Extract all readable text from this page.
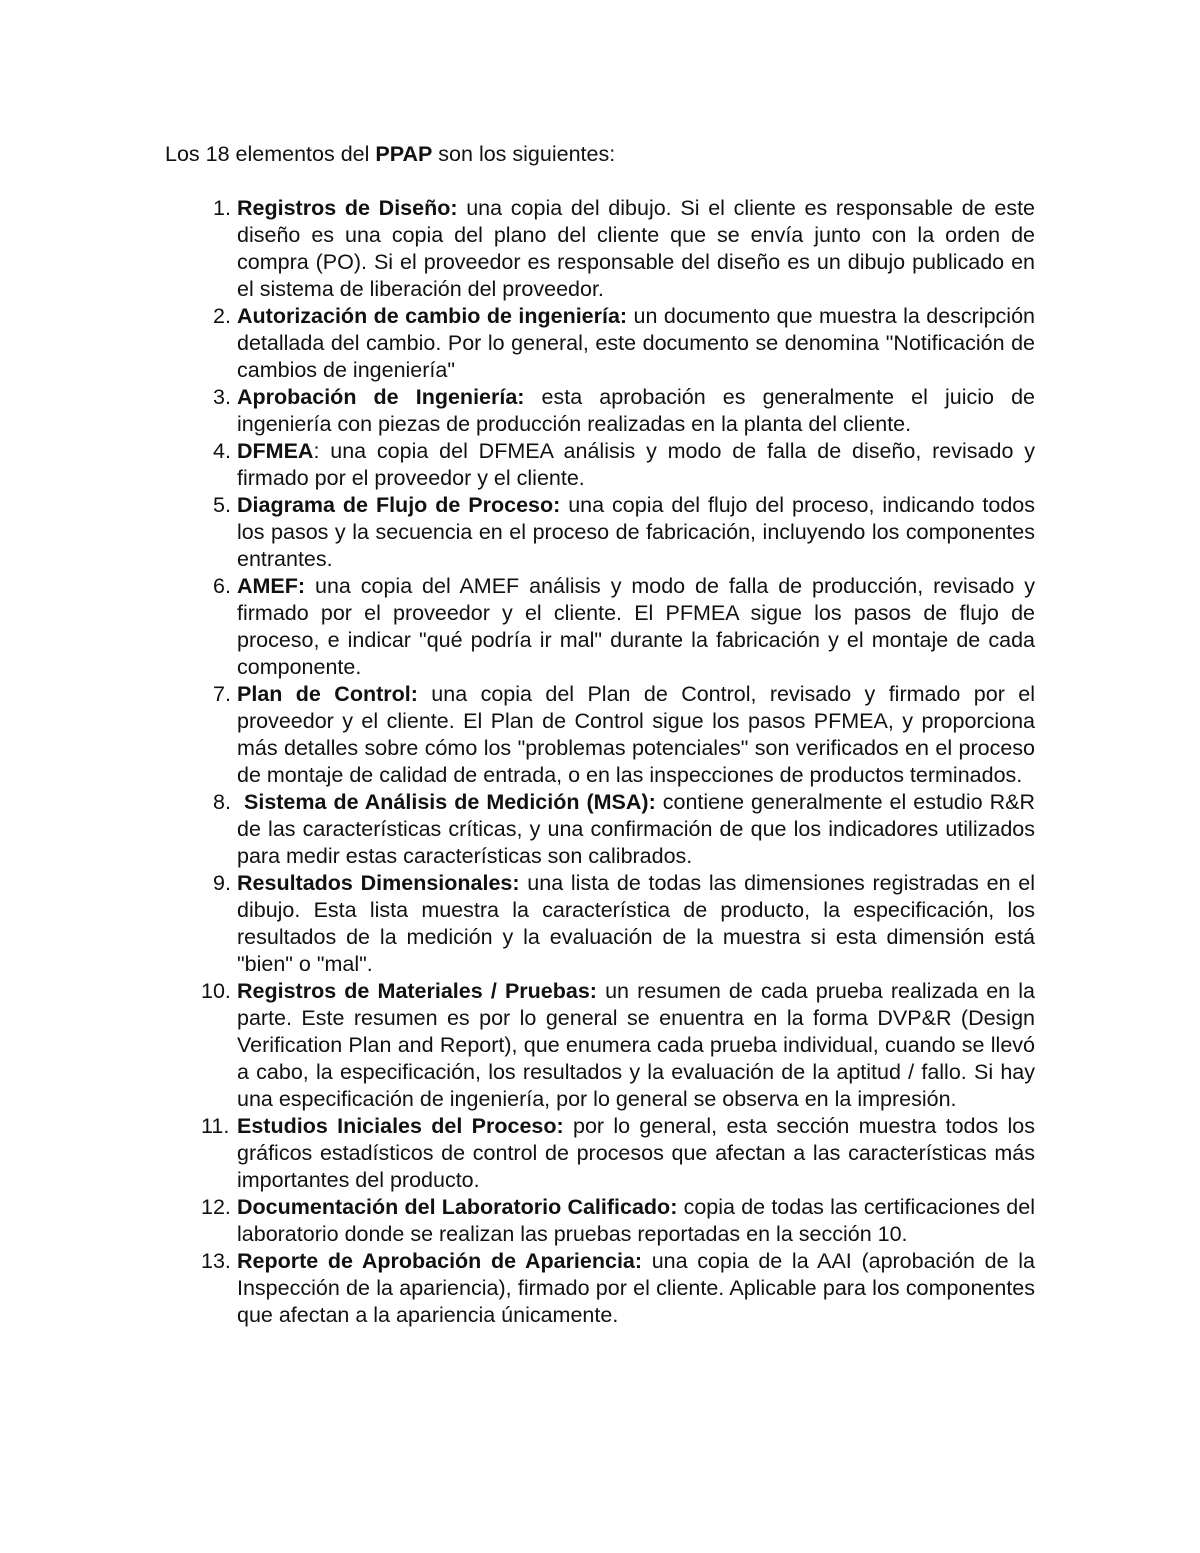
Los 18 elementos del PPAP son los siguientes:

1. Registros de Diseño: una copia del dibujo. Si el cliente es responsable de este diseño es una copia del plano del cliente que se envía junto con la orden de compra (PO). Si el proveedor es responsable del diseño es un dibujo publicado en el sistema de liberación del proveedor.
2. Autorización de cambio de ingeniería: un documento que muestra la descripción detallada del cambio. Por lo general, este documento se denomina "Notificación de cambios de ingeniería"
3. Aprobación de Ingeniería: esta aprobación es generalmente el juicio de ingeniería con piezas de producción realizadas en la planta del cliente.
4. DFMEA: una copia del DFMEA análisis y modo de falla de diseño, revisado y firmado por el proveedor y el cliente.
5. Diagrama de Flujo de Proceso: una copia del flujo del proceso, indicando todos los pasos y la secuencia en el proceso de fabricación, incluyendo los componentes entrantes.
6. AMEF: una copia del AMEF análisis y modo de falla de producción, revisado y firmado por el proveedor y el cliente. El PFMEA sigue los pasos de flujo de proceso, e indicar "qué podría ir mal" durante la fabricación y el montaje de cada componente.
7. Plan de Control: una copia del Plan de Control, revisado y firmado por el proveedor y el cliente. El Plan de Control sigue los pasos PFMEA, y proporciona más detalles sobre cómo los "problemas potenciales" son verificados en el proceso de montaje de calidad de entrada, o en las inspecciones de productos terminados.
8. Sistema de Análisis de Medición (MSA): contiene generalmente el estudio R&R de las características críticas, y una confirmación de que los indicadores utilizados para medir estas características son calibrados.
9. Resultados Dimensionales: una lista de todas las dimensiones registradas en el dibujo. Esta lista muestra la característica de producto, la especificación, los resultados de la medición y la evaluación de la muestra si esta dimensión está "bien" o "mal".
10. Registros de Materiales / Pruebas: un resumen de cada prueba realizada en la parte. Este resumen es por lo general se enuentra en la forma DVP&R (Design Verification Plan and Report), que enumera cada prueba individual, cuando se llevó a cabo, la especificación, los resultados y la evaluación de la aptitud / fallo. Si hay una especificación de ingeniería, por lo general se observa en la impresión.
11. Estudios Iniciales del Proceso: por lo general, esta sección muestra todos los gráficos estadísticos de control de procesos que afectan a las características más importantes del producto.
12. Documentación del Laboratorio Calificado: copia de todas las certificaciones del laboratorio donde se realizan las pruebas reportadas en la sección 10.
13. Reporte de Aprobación de Apariencia: una copia de la AAI (aprobación de la Inspección de la apariencia), firmado por el cliente. Aplicable para los componentes que afectan a la apariencia únicamente.
